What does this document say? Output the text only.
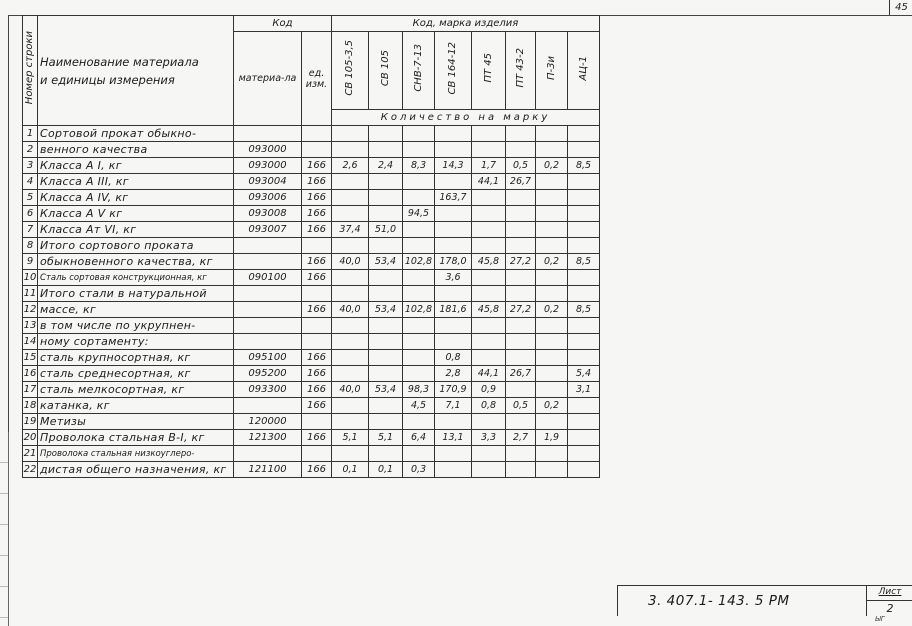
45
Номер строки	Наименование материала
и единицы измерения	Код		Код, марка изделия							

		материа-ла	ед. изм.	СВ 105-3,5	СВ 105	СНВ-7-13	СВ 164-12	ПТ 45	ПТ 43-2	П-3и	АЦ-1
				Количество на марку							
1	Сортовой прокат обыкно-										
2	венного качества	093000									
3	Класса А I, кг	093000	166	2,6	2,4	8,3	14,3	1,7	0,5	0,2	8,5
4	Класса А III, кг	093004	166					44,1	26,7		
5	Класса А IV, кг	093006	166				163,7				
6	Класса А V кг	093008	166			94,5					
7	Класса Ат VI, кг	093007	166	37,4	51,0						
8	Итого сортового проката										
9	обыкновенного качества, кг		166	40,0	53,4	102,8	178,0	45,8	27,2	0,2	8,5
10	Сталь сортовая конструкционная, кг	090100	166				3,6				
11	Итого стали в натуральной										
12	массе, кг		166	40,0	53,4	102,8	181,6	45,8	27,2	0,2	8,5
13	в том числе по укрупнен-										
14	ному сортаменту:										
15	сталь крупносортная, кг	095100	166				0,8				
16	сталь среднесортная, кг	095200	166				2,8	44,1	26,7		5,4
17	сталь мелкосортная, кг	093300	166	40,0	53,4	98,3	170,9	0,9			3,1
18	катанка, кг		166			4,5	7,1	0,8	0,5	0,2	
19	Метизы	120000									
20	Проволока стальная В-I, кг	121300	166	5,1	5,1	6,4	13,1	3,3	2,7	1,9	
21	Проволока стальная низкоуглеро-										
22	дистая общего назначения, кг	121100	166	0,1	0,1	0,3					
3. 407.1- 143. 5 РМ
Лист
2
ЫГ
